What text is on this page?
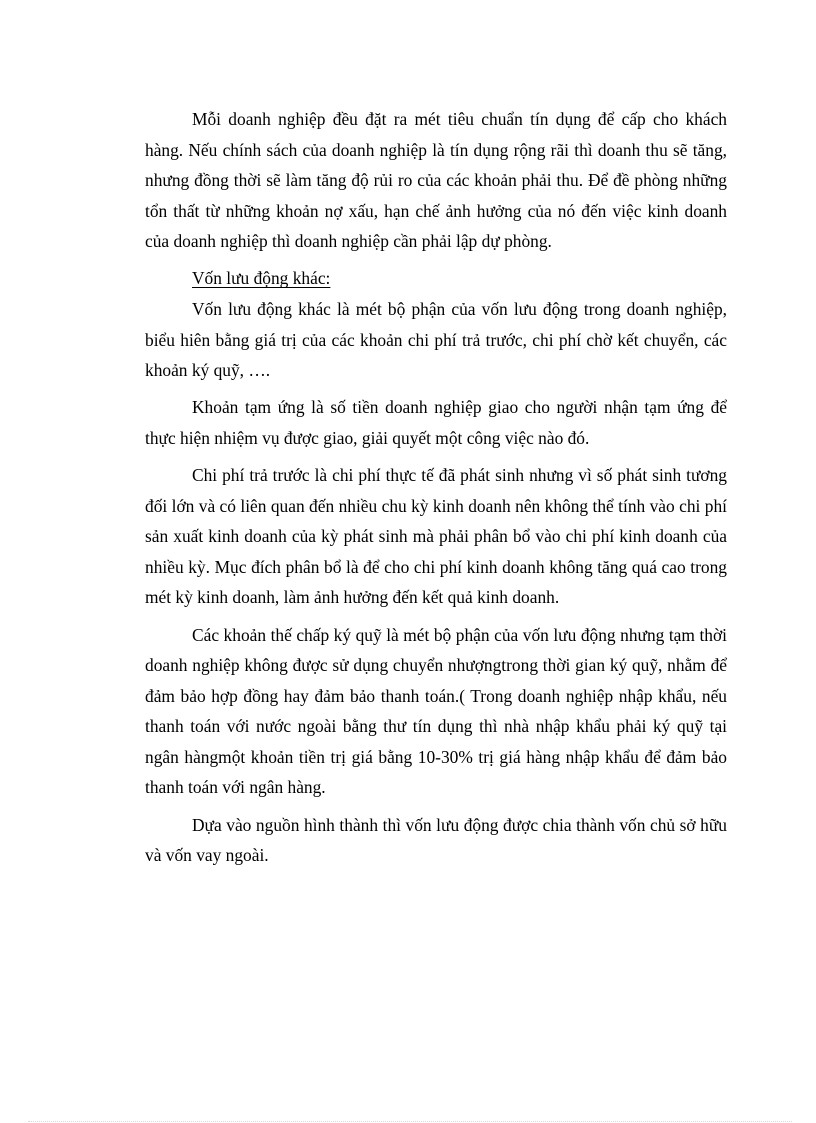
Mỗi doanh nghiệp đều đặt ra mét tiêu chuẩn tín dụng để cấp cho khách hàng. Nếu chính sách của doanh nghiệp là tín dụng rộng rãi thì doanh thu sẽ tăng, nhưng đồng thời sẽ làm tăng độ rủi ro của các khoản phải thu. Để đề phòng những tổn thất từ những khoản nợ xấu, hạn chế ảnh hưởng của nó đến việc kinh doanh của doanh nghiệp thì doanh nghiệp cần phải lập dự phòng.

Vốn lưu động khác:

Vốn lưu động khác là mét bộ phận của vốn lưu động trong doanh nghiệp, biểu hiên bằng giá trị của các khoản chi phí trả trước, chi phí chờ kết chuyển, các khoản ký quỹ, ….

Khoản tạm ứng là số tiền doanh nghiệp giao cho người nhận tạm ứng để thực hiện nhiệm vụ được giao, giải quyết một công việc nào đó.

Chi phí trả trước là chi phí thực tế đã phát sinh nhưng vì số phát sinh tương đối lớn và có liên quan đến nhiều chu kỳ kinh doanh nên không thể tính vào chi phí sản xuất kinh doanh của kỳ phát sinh mà phải phân bổ vào chi phí kinh doanh của nhiều kỳ. Mục đích phân bổ là để cho chi phí kinh doanh không tăng quá cao trong mét kỳ kinh doanh, làm ảnh hưởng đến kết quả kinh doanh.

Các khoản thế chấp ký quỹ là mét bộ phận của vốn lưu động nhưng tạm thời doanh nghiệp không được sử dụng chuyển nhượngtrong thời gian ký quỹ, nhằm để đảm bảo hợp đồng hay đảm bảo thanh toán.( Trong doanh nghiệp nhập khẩu, nếu thanh toán với nước ngoài bằng thư tín dụng thì nhà nhập khẩu phải ký quỹ tại ngân hàngmột khoản tiền trị giá bằng 10-30% trị giá hàng nhập khẩu để đảm bảo thanh toán với ngân hàng.

Dựa vào nguồn hình thành thì vốn lưu động được chia thành vốn chủ sở hữu và vốn vay ngoài.
